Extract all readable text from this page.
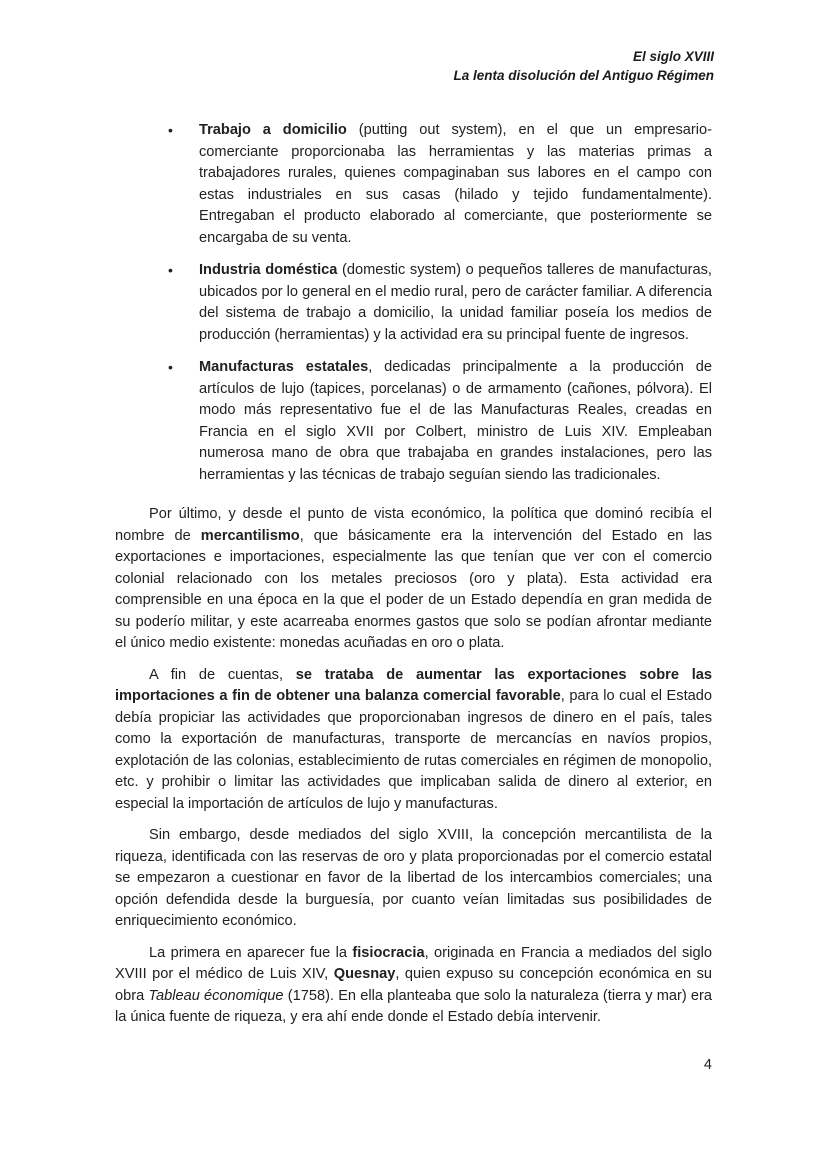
El siglo XVIII
La lenta disolución del Antiguo Régimen
•	Trabajo a domicilio (putting out system), en el que un empresario-comerciante proporcionaba las herramientas y las materias primas a trabajadores rurales, quienes compaginaban sus labores en el campo con estas industriales en sus casas (hilado y tejido fundamentalmente). Entregaban el producto elaborado al comerciante, que posteriormente se encargaba de su venta.
•	Industria doméstica (domestic system) o pequeños talleres de manufacturas, ubicados por lo general en el medio rural, pero de carácter familiar. A diferencia del sistema de trabajo a domicilio, la unidad familiar poseía los medios de producción (herramientas) y la actividad era su principal fuente de ingresos.
•	Manufacturas estatales, dedicadas principalmente a la producción de artículos de lujo (tapices, porcelanas) o de armamento (cañones, pólvora). El modo más representativo fue el de las Manufacturas Reales, creadas en Francia en el siglo XVII por Colbert, ministro de Luis XIV. Empleaban numerosa mano de obra que trabajaba en grandes instalaciones, pero las herramientas y las técnicas de trabajo seguían siendo las tradicionales.

Por último, y desde el punto de vista económico, la política que dominó recibía el nombre de mercantilismo, que básicamente era la intervención del Estado en las exportaciones e importaciones, especialmente las que tenían que ver con el comercio colonial relacionado con los metales preciosos (oro y plata). Esta actividad era comprensible en una época en la que el poder de un Estado dependía en gran medida de su poderío militar, y este acarreaba enormes gastos que solo se podían afrontar mediante el único medio existente: monedas acuñadas en oro o plata.

A fin de cuentas, se trataba de aumentar las exportaciones sobre las importaciones a fin de obtener una balanza comercial favorable, para lo cual el Estado debía propiciar las actividades que proporcionaban ingresos de dinero en el país, tales como la exportación de manufacturas, transporte de mercancías en navíos propios, explotación de las colonias, establecimiento de rutas comerciales en régimen de monopolio, etc. y prohibir o limitar las actividades que implicaban salida de dinero al exterior, en especial la importación de artículos de lujo y manufacturas.

Sin embargo, desde mediados del siglo XVIII, la concepción mercantilista de la riqueza, identificada con las reservas de oro y plata proporcionadas por el comercio estatal se empezaron a cuestionar en favor de la libertad de los intercambios comerciales; una opción defendida desde la burguesía, por cuanto veían limitadas sus posibilidades de enriquecimiento económico.

La primera en aparecer fue la fisiocracia, originada en Francia a mediados del siglo XVIII por el médico de Luis XIV, Quesnay, quien expuso su concepción económica en su obra Tableau économique (1758). En ella planteaba que solo la naturaleza (tierra y mar) era la única fuente de riqueza, y era ahí ende donde el Estado debía intervenir.

4
